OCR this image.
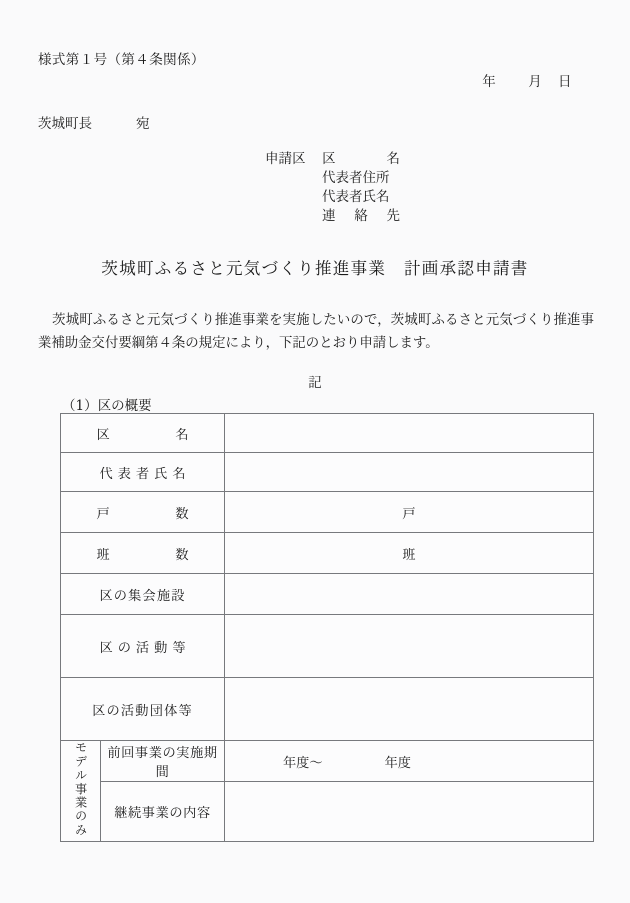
様式第１号（第４条関係）
年 月 日
茨城町長	宛
申請区 区	名
代表者住所
代表者氏名
連 絡 先
茨城町ふるさと元気づくり推進事業　計画承認申請書
茨城町ふるさと元気づくり推進事業を実施したいので，茨城町ふるさと元気づくり推進事業補助金交付要綱第４条の規定により，下記のとおり申請します。
記
（1）区の概要
区 名		

代 表 者 氏 名		

戸 数		戸

班 数		班
区の集会施設		

区 の 活 動 等		

区の活動団体等		
モデル事業のみ	前回事業の実施期間	年度〜 年度
	継続事業の内容	
